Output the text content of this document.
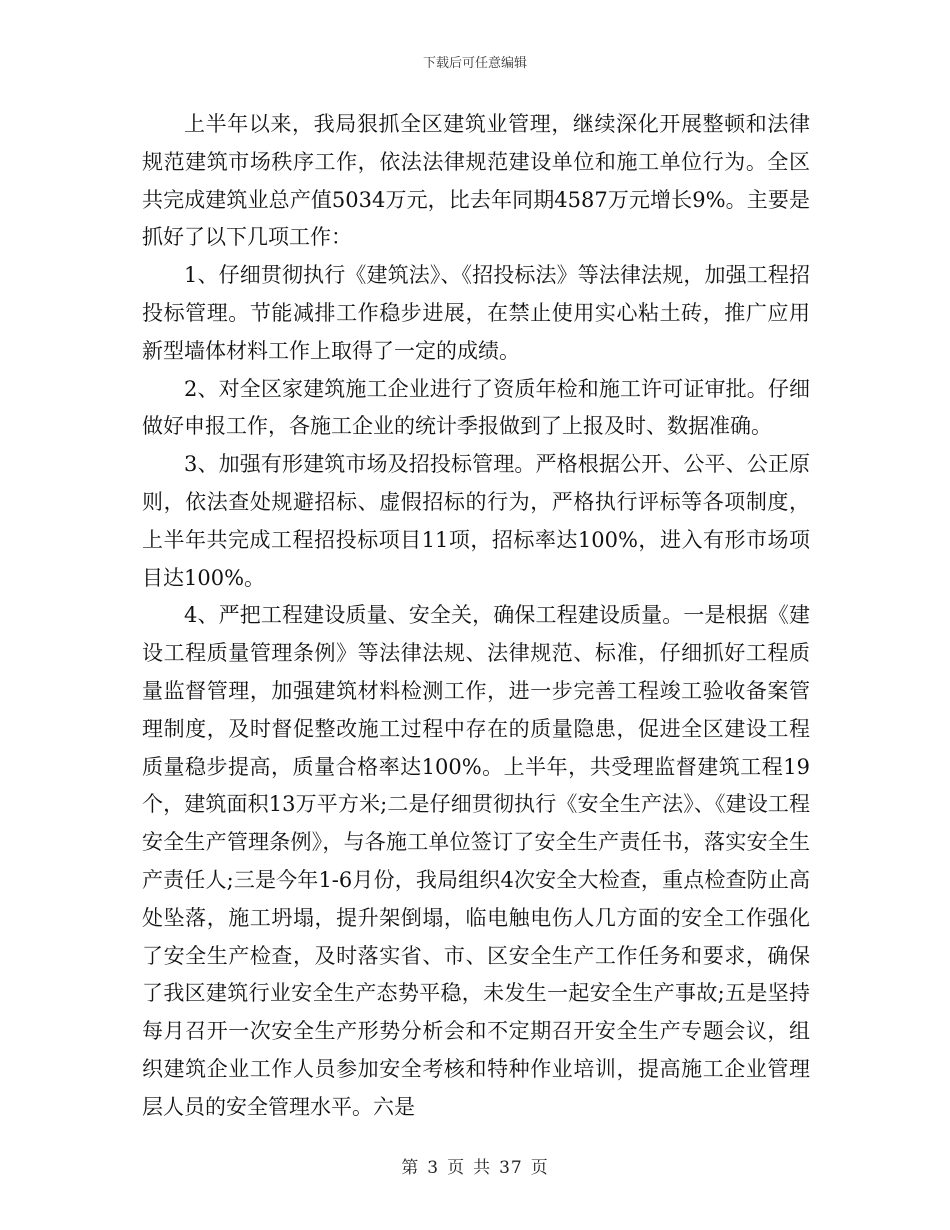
下载后可任意编辑

上半年以来，我局狠抓全区建筑业管理，继续深化开展整顿和法律规范建筑市场秩序工作，依法法律规范建设单位和施工单位行为。全区共完成建筑业总产值5034万元，比去年同期4587万元增长9%。主要是抓好了以下几项工作：

1、仔细贯彻执行《建筑法》、《招投标法》等法律法规，加强工程招投标管理。节能减排工作稳步进展，在禁止使用实心粘土砖，推广应用新型墙体材料工作上取得了一定的成绩。

2、对全区家建筑施工企业进行了资质年检和施工许可证审批。仔细做好申报工作，各施工企业的统计季报做到了上报及时、数据准确。

3、加强有形建筑市场及招投标管理。严格根据公开、公平、公正原则，依法查处规避招标、虚假招标的行为，严格执行评标等各项制度，上半年共完成工程招投标项目11项，招标率达100%，进入有形市场项目达100%。

4、严把工程建设质量、安全关，确保工程建设质量。一是根据《建设工程质量管理条例》等法律法规、法律规范、标准，仔细抓好工程质量监督管理，加强建筑材料检测工作，进一步完善工程竣工验收备案管理制度，及时督促整改施工过程中存在的质量隐患，促进全区建设工程质量稳步提高，质量合格率达100%。上半年，共受理监督建筑工程19个，建筑面积13万平方米;二是仔细贯彻执行《安全生产法》、《建设工程安全生产管理条例》，与各施工单位签订了安全生产责任书，落实安全生产责任人;三是今年1-6月份，我局组织4次安全大检查，重点检查防止高处坠落，施工坍塌，提升架倒塌，临电触电伤人几方面的安全工作强化了安全生产检查，及时落实省、市、区安全生产工作任务和要求，确保了我区建筑行业安全生产态势平稳，未发生一起安全生产事故;五是坚持每月召开一次安全生产形势分析会和不定期召开安全生产专题会议，组织建筑企业工作人员参加安全考核和特种作业培训，提高施工企业管理层人员的安全管理水平。六是

第 3 页 共 37 页
